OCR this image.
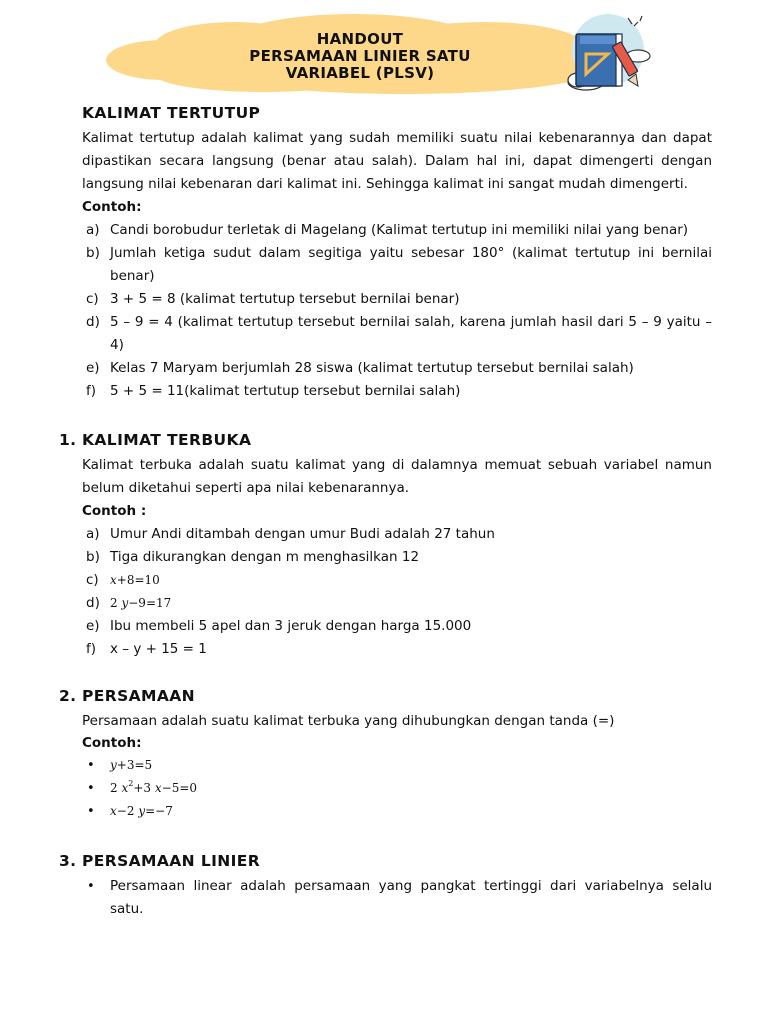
HANDOUT
PERSAMAAN LINIER SATU
VARIABEL (PLSV)
KALIMAT TERTUTUP
Kalimat tertutup adalah kalimat yang sudah memiliki suatu nilai kebenarannya dan dapat dipastikan secara langsung (benar atau salah). Dalam hal ini, dapat dimengerti dengan langsung nilai kebenaran dari kalimat ini. Sehingga kalimat ini sangat mudah dimengerti.
Contoh:
a) Candi borobudur terletak di Magelang (Kalimat tertutup ini memiliki nilai yang benar)
b) Jumlah ketiga sudut dalam segitiga yaitu sebesar 180° (kalimat tertutup ini bernilai benar)
c) 3 + 5 = 8 (kalimat tertutup tersebut bernilai benar)
d) 5 – 9 = 4 (kalimat tertutup tersebut bernilai salah, karena jumlah hasil dari 5 – 9 yaitu – 4)
e) Kelas 7 Maryam berjumlah 28 siswa (kalimat tertutup tersebut bernilai salah)
f) 5 + 5 = 11(kalimat tertutup tersebut bernilai salah)
1. KALIMAT TERBUKA
Kalimat terbuka adalah suatu kalimat yang di dalamnya memuat sebuah variabel namun belum diketahui seperti apa nilai kebenarannya.
Contoh :
a) Umur Andi ditambah dengan umur Budi adalah 27 tahun
b) Tiga dikurangkan dengan m menghasilkan 12
c) x+8=10
d) 2 y−9=17
e) Ibu membeli 5 apel dan 3 jeruk dengan harga 15.000
f) x – y + 15 = 1
2. PERSAMAAN
Persamaan adalah suatu kalimat terbuka yang dihubungkan dengan tanda (=)
Contoh:
• y+3=5
• 2 $x^2+3$ x−5=0
• x−2 y=−7
3. PERSAMAAN LINIER
• Persamaan linear adalah persamaan yang pangkat tertinggi dari variabelnya selalu satu.
